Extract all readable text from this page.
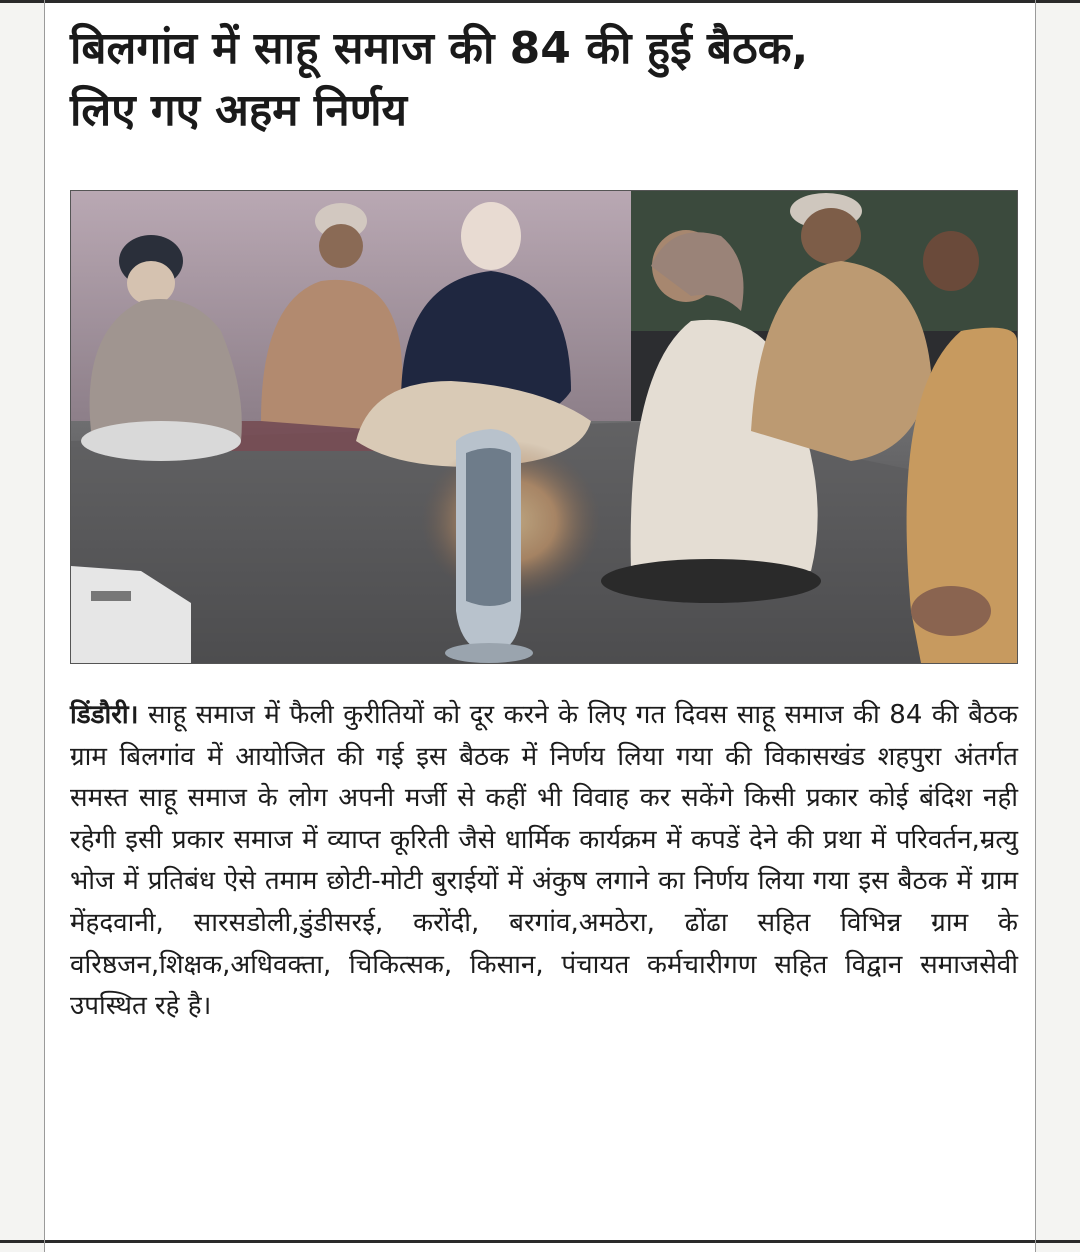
बिलगांव में साहू समाज की 84 की हुई बैठक,
लिए गए अहम निर्णय

डिंडौरी। साहू समाज में फैली कुरीतियों को दूर करने के लिए गत दिवस साहू समाज की 84 की बैठक ग्राम बिलगांव में आयोजित की गई इस बैठक में निर्णय लिया गया की विकासखंड शहपुरा अंतर्गत समस्त साहू समाज के लोग अपनी मर्जी से कहीं भी विवाह कर सकेंगे किसी प्रकार कोई बंदिश नही रहेगी इसी प्रकार समाज में व्याप्त कूरिती जैसे धार्मिक कार्यक्रम में कपडें देने की प्रथा में परिवर्तन,म्रत्यु भोज में प्रतिबंध ऐसे तमाम छोटी-मोटी बुराईयों में अंकुष लगाने का निर्णय लिया गया इस बैठक में ग्राम मेंहदवानी, सारसडोली,डुंडीसरई, करोंदी, बरगांव,अमठेरा, ढोंढा सहित विभिन्न ग्राम के वरिष्ठजन,शिक्षक,अधिवक्ता, चिकित्सक, किसान, पंचायत कर्मचारीगण सहित विद्वान समाजसेवी उपस्थित रहे है।
